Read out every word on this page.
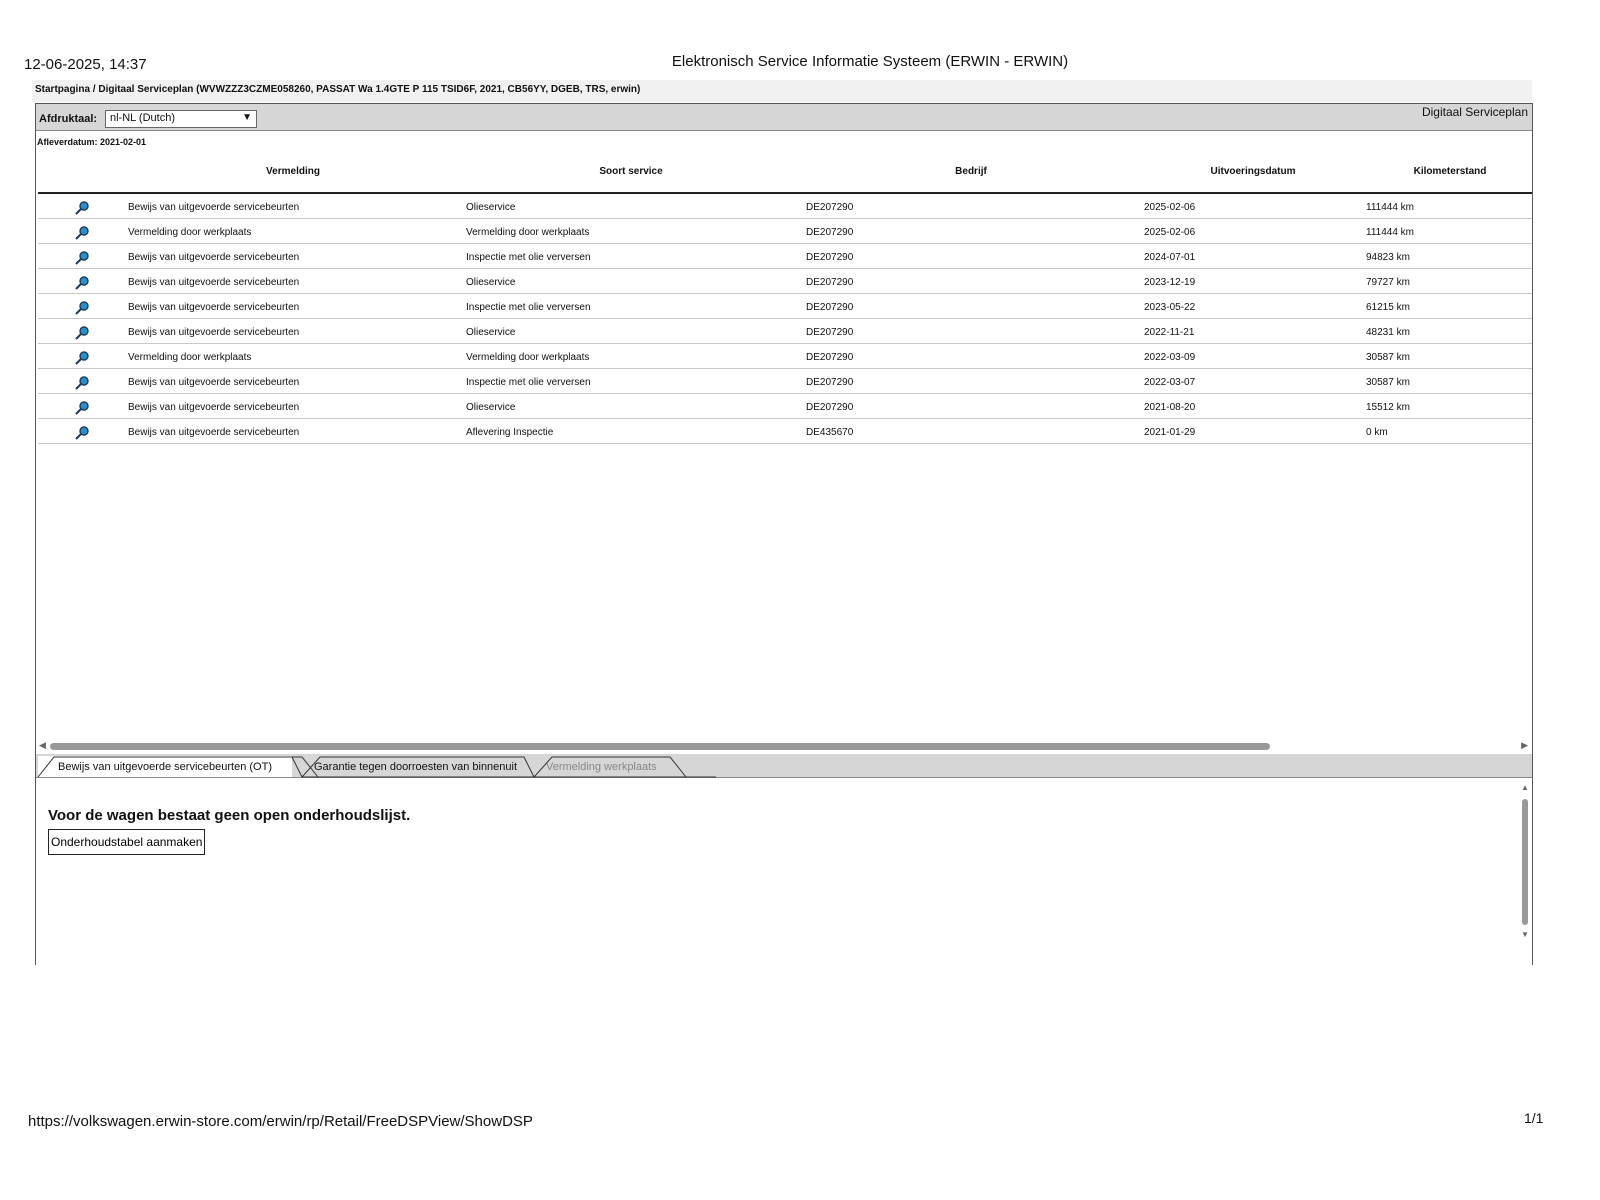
12-06-2025, 14:37	Elektronisch Service Informatie Systeem (ERWIN - ERWIN)
Startpagina / Digitaal Serviceplan (WVWZZZ3CZME058260, PASSAT Wa 1.4GTE P 115 TSID6F, 2021, CB56YY, DGEB, TRS, erwin)
Afdruktaal:	nl-NL (Dutch)	▼	Digitaal Serviceplan
Afleverdatum: 2021-02-01
Vermelding	Soort service	Bedrijf	Uitvoeringsdatum	Kilometerstand
Bewijs van uitgevoerde servicebeurten	Olieservice	DE207290	2025-02-06	111444 km
Vermelding door werkplaats	Vermelding door werkplaats	DE207290	2025-02-06	111444 km
Bewijs van uitgevoerde servicebeurten	Inspectie met olie verversen	DE207290	2024-07-01	94823 km
Bewijs van uitgevoerde servicebeurten	Olieservice	DE207290	2023-12-19	79727 km
Bewijs van uitgevoerde servicebeurten	Inspectie met olie verversen	DE207290	2023-05-22	61215 km
Bewijs van uitgevoerde servicebeurten	Olieservice	DE207290	2022-11-21	48231 km
Vermelding door werkplaats	Vermelding door werkplaats	DE207290	2022-03-09	30587 km
Bewijs van uitgevoerde servicebeurten	Inspectie met olie verversen	DE207290	2022-03-07	30587 km
Bewijs van uitgevoerde servicebeurten	Olieservice	DE207290	2021-08-20	15512 km
Bewijs van uitgevoerde servicebeurten	Aflevering Inspectie	DE435670	2021-01-29	0 km
◀	▶
Bewijs van uitgevoerde servicebeurten (OT)	Garantie tegen doorroesten van binnenuit	Vermelding werkplaats
Voor de wagen bestaat geen open onderhoudslijst.
Onderhoudstabel aanmaken
▲
▼
https://volkswagen.erwin-store.com/erwin/rp/Retail/FreeDSPView/ShowDSP	1/1
